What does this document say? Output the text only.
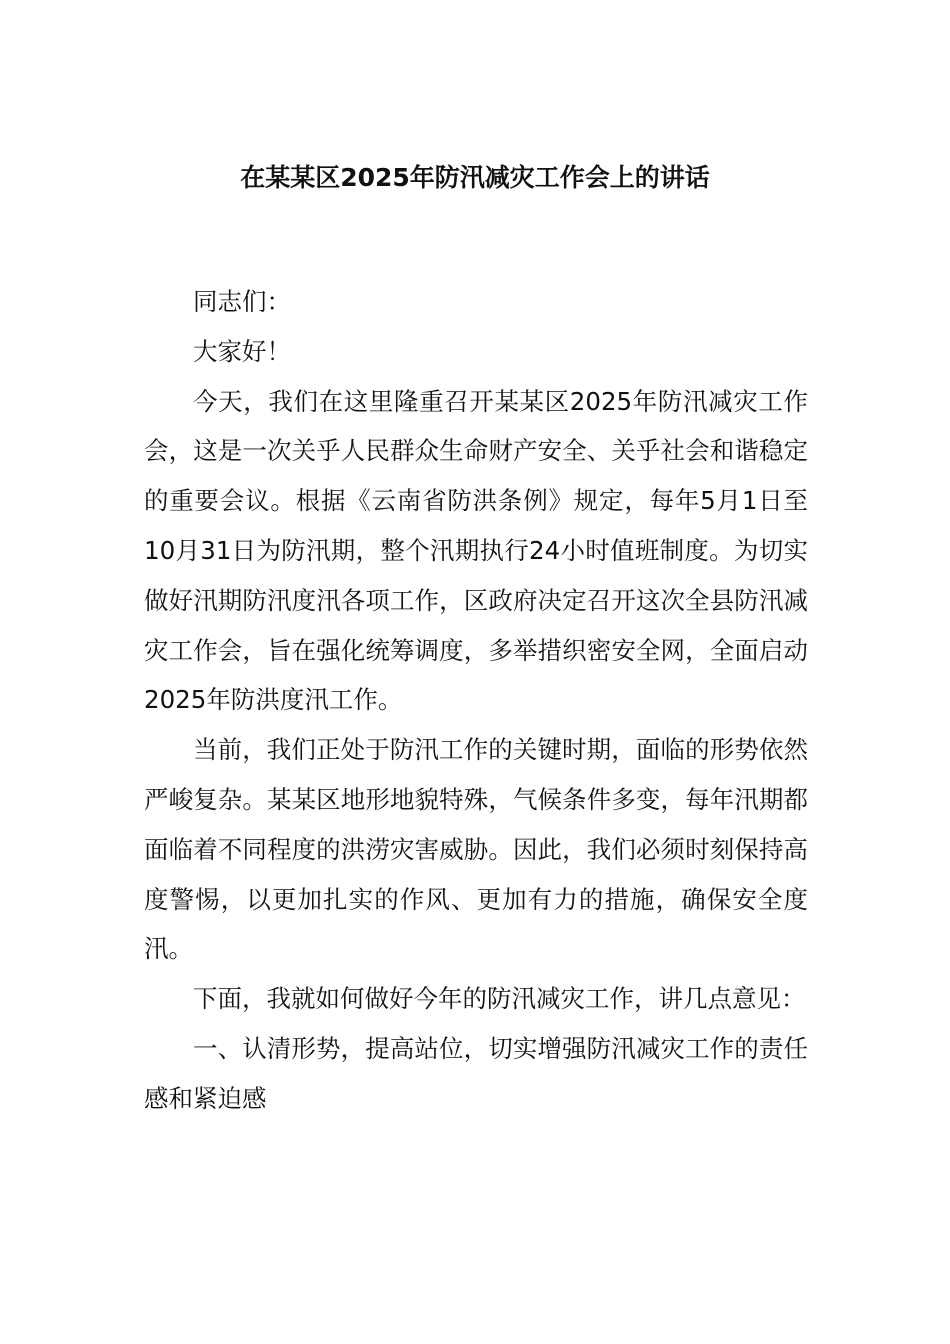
在某某区2025年防汛减灾工作会上的讲话

同志们：

大家好！

今天，我们在这里隆重召开某某区2025年防汛减灾工作会，这是一次关乎人民群众生命财产安全、关乎社会和谐稳定的重要会议。根据《云南省防洪条例》规定，每年5月1日至10月31日为防汛期，整个汛期执行24小时值班制度。为切实做好汛期防汛度汛各项工作，区政府决定召开这次全县防汛减灾工作会，旨在强化统筹调度，多举措织密安全网，全面启动2025年防洪度汛工作。

当前，我们正处于防汛工作的关键时期，面临的形势依然严峻复杂。某某区地形地貌特殊，气候条件多变，每年汛期都面临着不同程度的洪涝灾害威胁。因此，我们必须时刻保持高度警惕，以更加扎实的作风、更加有力的措施，确保安全度汛。

下面，我就如何做好今年的防汛减灾工作，讲几点意见：

一、认清形势，提高站位，切实增强防汛减灾工作的责任感和紧迫感
